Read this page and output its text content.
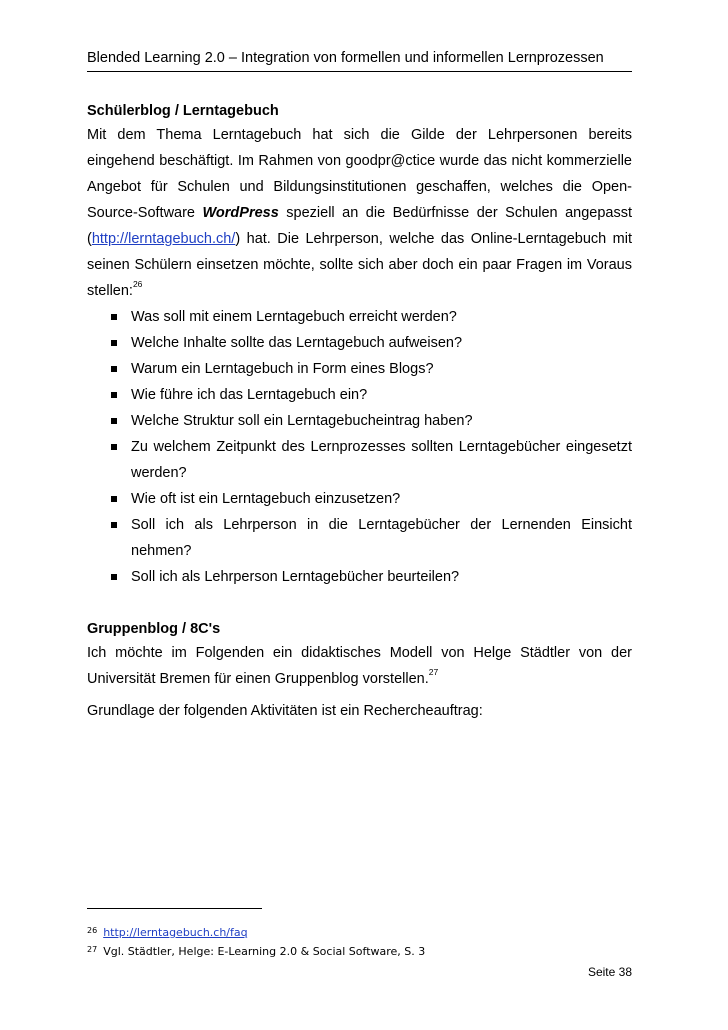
Blended Learning 2.0 – Integration von formellen und informellen Lernprozessen
Schülerblog / Lerntagebuch

Mit dem Thema Lerntagebuch hat sich die Gilde der Lehrpersonen bereits eingehend beschäftigt. Im Rahmen von goodpr@ctice wurde das nicht kommerzielle Angebot für Schulen und Bildungsinstitutionen geschaffen, welches die Open-Source-Software WordPress speziell an die Bedürfnisse der Schulen angepasst (http://lerntagebuch.ch/) hat. Die Lehrperson, welche das Online-Lerntagebuch mit seinen Schülern einsetzen möchte, sollte sich aber doch ein paar Fragen im Voraus stellen:$^{26}$

Was soll mit einem Lerntagebuch erreicht werden?
Welche Inhalte sollte das Lerntagebuch aufweisen?
Warum ein Lerntagebuch in Form eines Blogs?
Wie führe ich das Lerntagebuch ein?
Welche Struktur soll ein Lerntagebucheintrag haben?
Zu welchem Zeitpunkt des Lernprozesses sollten Lerntagebücher eingesetzt werden?
Wie oft ist ein Lerntagebuch einzusetzen?
Soll ich als Lehrperson in die Lerntagebücher der Lernenden Einsicht nehmen?
Soll ich als Lehrperson Lerntagebücher beurteilen?
Gruppenblog / 8C's

Ich möchte im Folgenden ein didaktisches Modell von Helge Städtler von der Universität Bremen für einen Gruppenblog vorstellen.$^{27}$

Grundlage der folgenden Aktivitäten ist ein Rechercheauftrag:

$^{26}$ http://lerntagebuch.ch/faq
$^{27}$ Vgl. Städtler, Helge: E-Learning 2.0 & Social Software, S. 3
Seite 38
